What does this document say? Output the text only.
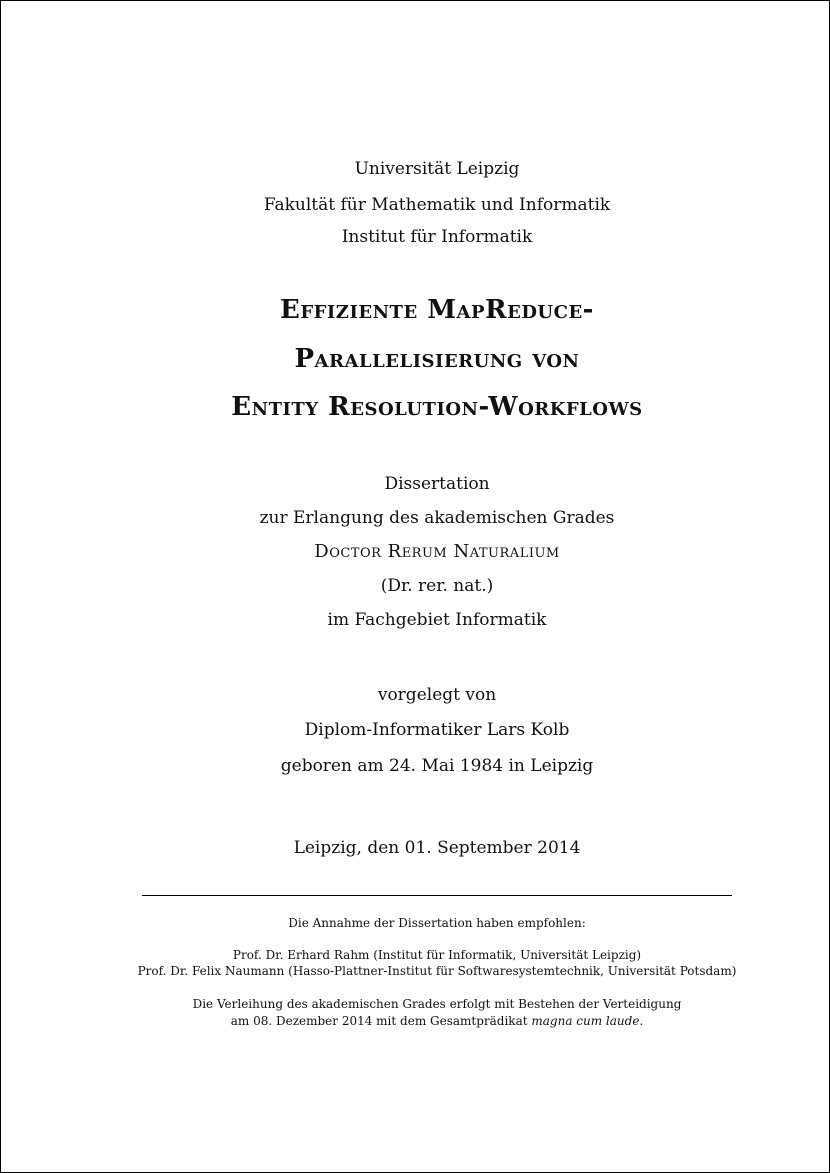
Universität Leipzig
Fakultät für Mathematik und Informatik
Institut für Informatik
Effiziente MapReduce-
Parallelisierung von
Entity Resolution-Workflows
Dissertation
zur Erlangung des akademischen Grades
Doctor Rerum Naturalium
(Dr. rer. nat.)
im Fachgebiet Informatik
vorgelegt von
Diplom-Informatiker Lars Kolb
geboren am 24. Mai 1984 in Leipzig
Leipzig, den 01. September 2014
Die Annahme der Dissertation haben empfohlen:
Prof. Dr. Erhard Rahm (Institut für Informatik, Universität Leipzig)
Prof. Dr. Felix Naumann (Hasso-Plattner-Institut für Softwaresystemtechnik, Universität Potsdam)
Die Verleihung des akademischen Grades erfolgt mit Bestehen der Verteidigung
am 08. Dezember 2014 mit dem Gesamtprädikat magna cum laude.
